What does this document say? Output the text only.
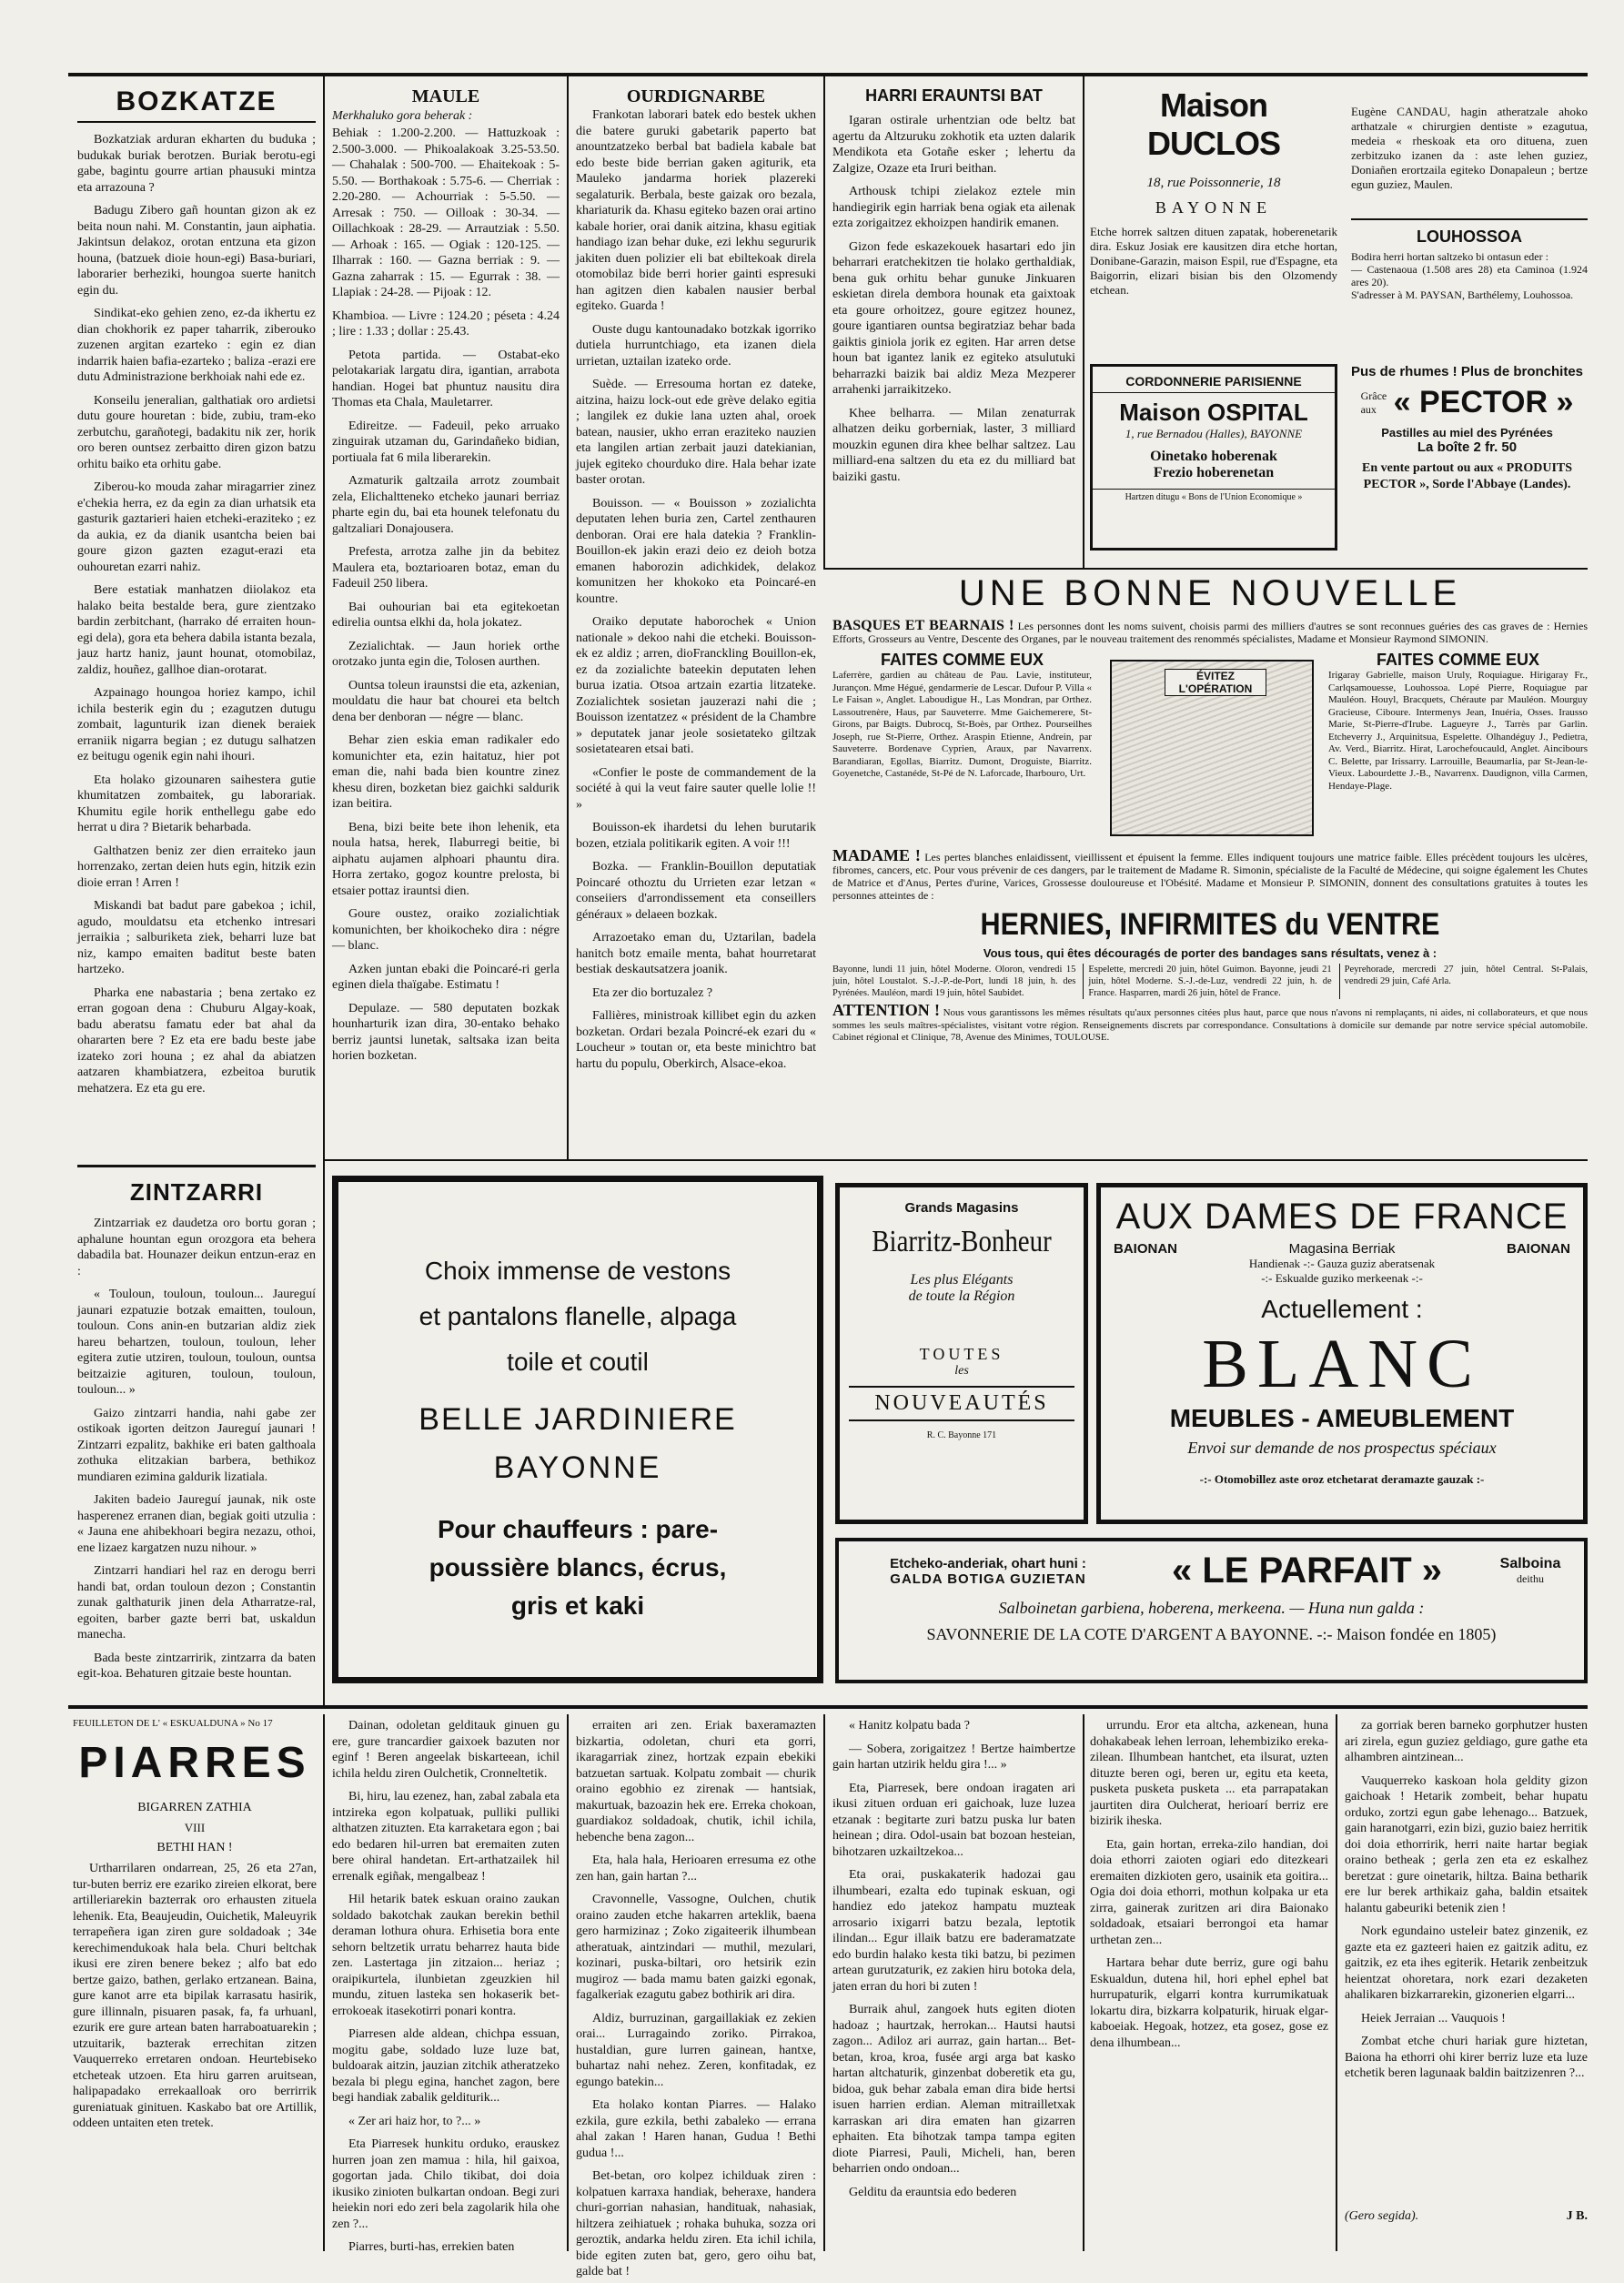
BOZKATZE

Bozkatziak arduran ekharten du buduka ; budukak buriak berotzen. Buriak berotu-egi gabe, bagintu gourre artian phausuki mintza eta arrazouna ?

Badugu Zibero gañ hountan gizon ak ez beita noun nahi. M. Constantin, jaun aiphatia. Jakintsun delakoz, orotan entzuna eta gizon houna, (batzuek dioie houn-egi) Basa-buriari, laborarier berheziki, houngoa suerte hanitch egin du.

Sindikat-eko gehien zeno, ez-da ikhertu ez dian chokhorik ez paper taharrik, ziberouko zuzenen argitan ezarteko : egin ez dian indarrik haien bafia-ezarteko ; baliza -erazi ere dutu Administrazione berkhoiak nahi ede ez.

Konseilu jeneralian, galthatiak oro ardietsi dutu goure houretan : bide, zubiu, tram-eko zerbutchu, garañotegi, badakitu nik zer, horik oro beren ountsez zerbaitto diren gizon batzu orhitu baiko eta orhitu gabe.

Ziberou-ko mouda zahar miragarrier zinez e'chekia herra, ez da egin za dian urhatsik eta gasturik gaztarieri haien etcheki-eraziteko ; ez da aukia, ez da dianik usantcha beien bai goure gizon gazten ezagut-erazi eta ouhouretan ezarri nahiz.

Bere estatiak manhatzen diiolakoz eta halako beita bestalde bera, gure zientzako bardin zerbitchant, (harrako dé erraiten houn-egi dela), gora eta behera dabila istanta bezala, jauz hartz haniz, jaunt hounat, otomobilaz, zaldiz, houñez, gallhoe dian-orotarat.

Azpainago houngoa horiez kampo, ichil ichila besterik egin du ; ezagutzen dutugu zombait, lagunturik izan dienek beraiek erraniik nigarra begian ; ez dutugu salhatzen ez beitugu ogenik egin nahi ihouri.

Eta holako gizounaren saihestera gutie khumitatzen zombaitek, gu laborariak. Khumitu egile horik enthellegu gabe edo herrat u dira ? Bietarik beharbada.

Galthatzen beniz zer dien erraiteko jaun horrenzako, zertan deien huts egin, hitzik ezin dioie erran ! Arren !

Miskandi bat badut pare gabekoa ; ichil, agudo, mouldatsu eta etchenko intresari jerraikia ; salburiketa ziek, beharri luze bat niz, kampo emaiten baditut beste baten hartzeko.

Pharka ene nabastaria ; bena zertako ez erran gogoan dena : Chuburu Algay-koak, badu aberatsu famatu eder bat ahal da ohararten bere ? Ez eta ere badu beste jabe izateko zori houna ; ez ahal da abiatzen aatzaren khambiatzera, ezbeitoa burutik mehatzera. Ez eta gu ere.

ZINTZARRI

Zintzarriak ez daudetza oro bortu goran ; aphalune hountan egun orozgora eta behera dabadila bat. Hounazer deikun entzun-eraz en :

« Touloun, touloun, touloun... Jaureguí jaunari ezpatuzie botzak emaitten, touloun, touloun. Cons anin-en butzarian aldiz ziek hareu behartzen, touloun, touloun, leher egitera zutie utziren, touloun, touloun, ountsa beitzaizie agituren, touloun, touloun, touloun... »

Gaizo zintzarri handia, nahi gabe zer ostikoak igorten deitzon Jaureguí jaunari ! Zintzarri ezpalitz, bakhike eri baten galthoala zothuka elitzakian barbera, bethikoz mundiaren ezimina galdurik lizatiala.

Jakiten badeio Jaureguí jaunak, nik oste hasperenez erranen dian, begiak goiti utzulia : « Jauna ene ahibekhoari begira nezazu, othoi, ene lizaez kargatzen nuzu nihour. »

Zintzarri handiari hel raz en derogu berri handi bat, ordan touloun dezon ; Constantin zunak galthaturik jinen dela Atharratze-ral, egoiten, barber gazte berri bat, uskaldun manecha.

Bada beste zintzarririk, zintzarra da baten egit-koa. Behaturen gitzaie beste hountan.

MAULE
Merkhaluko gora beherak :
Behiak : 1.200-2.200. — Hattuzkoak : 2.500-3.000. — Phikoalakoak 3.25-53.50. — Chahalak : 500-700. — Ehaitekoak : 5-5.50. — Borthakoak : 5.75-6. — Cherriak : 2.20-280. — Achourriak : 5-5.50. — Arresak : 750. — Oilloak : 30-34. — Oillachkoak : 28-29. — Arrautziak : 5.50. — Arhoak : 165. — Ogiak : 120-125. — Ilharrak : 160. — Gazna berriak : 9. — Gazna zaharrak : 15. — Egurrak : 38. — Llapiak : 24-28. — Pijoak : 12.
Khambioa. — Livre : 124.20 ; péseta : 4.24 ; lire : 1.33 ; dollar : 25.43.

Petota partida. — Ostabat-eko pelotakariak largatu dira, igantian, arrabota handian. Hogei bat phuntuz nausitu dira Thomas eta Chala, Mauletarrer.

Edireitze. — Fadeuil, peko arruako zinguirak utzaman du, Garindañeko bidian, portiuala fat 6 mila liberarekin.

Azmaturik galtzaila arrotz zoumbait zela, Elichaltteneko etcheko jaunari berriaz pharte egin du, bai eta hounek telefonatu du galtzaliari Donajousera.

Prefesta, arrotza zalhe jin da bebitez Maulera eta, boztarioaren botaz, eman du Fadeuil 250 libera.

Bai ouhourian bai eta egitekoetan edirelia ountsa elkhi da, hola jokatez.

Zezialichtak. — Jaun horiek orthe orotzako junta egin die, Tolosen aurthen.

Ountsa toleun iraunstsi die eta, azkenian, mouldatu die haur bat chourei eta beltch dena ber denboran — négre — blanc.

Behar zien eskia eman radikaler edo komunichter eta, ezin haitatuz, hier pot eman die, nahi bada bien kountre zinez khesu diren, bozketan biez gaichki saldurik izan beitira.

Bena, bizi beite bete ihon lehenik, eta noula hatsa, herek, Ilaburregi beitie, bi aiphatu aujamen alphoari phauntu dira. Horra zertako, gogoz kountre prelosta, bi etsaier pottaz irauntsi dien.

Goure oustez, oraiko zozialichtiak komunichten, ber khoikocheko dira : négre — blanc.

Azken juntan ebaki die Poincaré-ri gerla eginen diela thaïgabe. Estimatu !

Depulaze. — 580 deputaten bozkak hounharturik izan dira, 30-entako behako berriz jauntsi lunetak, saltsaka izan beita horien bozketan.

OURDIGNARBE

Frankotan laborari batek edo bestek ukhen die batere guruki gabetarik paperto bat anountzatzeko berbal bat badiela kabale bat edo beste bide berrian gaken agiturik, eta Mauleko jandarma horiek plazereki segalaturik. Berbala, beste gaizak oro bezala, khariaturik da. Khasu egiteko bazen orai artino kabale horier, orai danik aitzina, khasu egitiak handiago izan behar duke, ezi lekhu segururik jakiten duen polizier eli bat ebiltekoak direla otomobilaz bide berri horier gainti espresuki han agitzen dien kabalen nausier berbal egiteko. Guarda !

Ouste dugu kantounadako botzkak igorriko dutiela hurruntchiago, eta izanen diela urrietan, uztailan izateko orde.

Suède. — Erresouma hortan ez dateke, aitzina, haizu lock-out ede grève delako egitia ; langilek ez dukie lana uzten ahal, oroek batean, nausier, ukho erran eraziteko nauzien eta langilen artian zerbait jauzi datekianian, jujek egiteko chourduko dire. Hala behar izate baster orotan.

Bouisson. — « Bouisson » zozialichta deputaten lehen buria zen, Cartel zenthauren denboran. Orai ere hala datekia ? Franklin-Bouillon-ek jakin erazi deio ez deioh botza emanen haborozin adichkidek, delakoz komunitzen her khokoko eta Poincaré-en kountre.

Oraiko deputate haborochek « Union nationale » dekoo nahi die etcheki. Bouisson-ek ez aldiz ; arren, dioFranckling Bouillon-ek, ez da zozialichte bateekin deputaten lehen burua izatia. Otsoa artzain ezartia litzateke. Zozialichtek sosietan jauzerazi nahi die ; Bouisson izentatzez « président de la Chambre » deputatek janar jeole sosietateko giltzak sosietatearen etsai bati.

«Confier le poste de commandement de la société à qui la veut faire sauter quelle lolie !! »

Bouisson-ek ihardetsi du lehen burutarik bozen, etziala politikarik egiten. A voir !!!

Bozka. — Franklin-Bouillon deputatiak Poincaré othoztu du Urrieten ezar letzan « conseiiers d'arrondissement eta conseillers généraux » delaeen bozkak.

Arrazoetako eman du, Uztarilan, badela hanitch botz emaile menta, bahat hourretarat bestiak deskautsatzera joanik.

Eta zer dio bortuzalez ?

Fallières, ministroak killibet egin du azken bozketan. Ordari bezala Poincré-ek ezari du « Loucheur » toutan or, eta beste minichtro bat hartu du populu, Oberkirch, Alsace-ekoa.

HARRI ERAUNTSI BAT

Igaran ostirale urhentzian ode beltz bat agertu da Altzuruku zokhotik eta uzten dalarik Mendikota eta Gotañe esker ; lehertu da Zalgize, Ozaze eta Iruri beithan.

Arthousk tchipi zielakoz eztele min handiegirik egin harriak bena ogiak eta ailenak ezta zorigaitzez ekhoizpen handirik emanen.

Gizon fede eskazekouek hasartari edo jin beharrari eratchekitzen tie holako gerthaldiak, bena guk orhitu behar gunuke Jinkuaren eskietan direla dembora hounak eta gaixtoak eta goure orhoitzez, goure egitzez hounez, goure igantiaren ountsa begiratziaz behar bada gaiktis giniola jorik ez egiten. Har arren detse houn bat igantez lanik ez egiteko atsulutuki beharrazki baizik bai aldiz Meza Mezperer arrahenki jarraikitzeko.

Khee belharra. — Milan zenaturrak alhatzen deiku gorberniak, laster, 3 milliard mouzkin egunen dira khee belhar saltzez. Lau milliard-ena saltzen du eta ez du milliard bat baiziki gastu.

Maison DUCLOS
18, rue Poissonnerie, 18
BAYONNE
Etche horrek saltzen dituen zapatak, hoberenetarik dira. Eskuz Josiak ere kausitzen dira etche hortan, Donibane-Garazin, maison Espil, rue d'Espagne, eta Baigorrin, elizari bisian bis den Olzomendy etchean.
Eugène CANDAU, hagin atheratzale ahoko arthatzale « chirurgien dentiste » ezagutua, medeia « rheskoak eta oro dituena, zuen zerbitzuko izanen da : aste lehen guziez, Doniañen erortzaila egiteko Donapaleun ; bertze egun guziez, Maulen.
LOUHOSSOA
Bodira herri hortan saltzeko bi ontasun eder :
— Castenaoua (1.508 ares 28) eta Caminoa (1.924 ares 20).
S'adresser à M. PAYSAN, Barthélemy, Louhossoa.
CORDONNERIE PARISIENNE
Maison OSPITAL
1, rue Bernadou (Halles), BAYONNE
Oinetako hoberenak
Frezio hoberenetan
Hartzen ditugu « Bons de l'Union Economique »
Pus de rhumes ! Plus de bronchites
Grâce aux « PECTOR »
Pastilles au miel des Pyrénées
La boîte 2 fr. 50
En vente partout ou aux « PRODUITS PECTOR », Sorde l'Abbaye (Landes).
UNE BONNE NOUVELLE
BASQUES ET BEARNAIS ! Les personnes dont les noms suivent, choisis parmi des milliers d'autres se sont reconnues guéries des cas graves de : Hernies Efforts, Grosseurs au Ventre, Descente des Organes, par le nouveau traitement des renommés spécialistes, Madame et Monsieur Raymond SIMONIN.
FAITES COMME EUX
Laferrère, gardien au château de Pau. Lavie, instituteur, Jurançon. Mme Hégué, gendarmerie de Lescar. Dufour P. Villa « Le Faisan », Anglet. Laboudigue H., Las Mondran, par Orthez. Lassoutrenère, Haus, par Sauveterre. Mme Gaichemerere, St-Girons, par Baigts. Dubrocq, St-Boès, par Orthez. Pourseilhes Joseph, rue St-Pierre, Orthez. Araspin Etienne, Andrein, par Sauveterre. Bordenave Cyprien, Araux, par Navarrenx. Barandiaran, Egollas, Biarritz. Dumont, Droguiste, Biarritz. Goyenetche, Castanéde, St-Pé de N. Laforcade, Iharbouro, Urt.
ÉVITEZ L'OPÉRATION
FAITES COMME EUX
Irigaray Gabrielle, maison Uruly, Roquiague. Hirigaray Fr., Carlqsamouesse, Louhossoa. Lopé Pierre, Roquiague par Mauléon. Houyl, Bracquets, Chéraute par Mauléon. Mourguy Gracieuse, Ciboure. Intermenys Jean, Inuéria, Osses. Irausso Marie, St-Pierre-d'Irube. Lagueyre J., Tarrès par Garlin. Etcheverry J., Arquinitsua, Espelette. Olhandéguy J., Pedietra, Av. Verd., Biarritz. Hirat, Larochefoucauld, Anglet. Aincibours C. Belette, par Irissarry. Larrouille, Beaumarlia, par St-Jean-le-Vieux. Labourdette J.-B., Navarrenx. Daudignon, villa Carmen, Hendaye-Plage.
MADAME ! Les pertes blanches enlaidissent, vieillissent et épuisent la femme. Elles indiquent toujours une matrice faible. Elles précèdent toujours les ulcères, fibromes, cancers, etc. Pour vous prévenir de ces dangers, par le traitement de Madame R. Simonin, spécialiste de la Faculté de Médecine, qui soigne également les Chutes de Matrice et d'Anus, Pertes d'urine, Varices, Grossesse douloureuse et l'Obésité. Madame et Monsieur P. SIMONIN, donnent des consultations gratuites à toutes les personnes atteintes de :
HERNIES, INFIRMITES du VENTRE
Vous tous, qui êtes découragés de porter des bandages sans résultats, venez à :
Bayonne, lundi 11 juin, hôtel Moderne. Oloron, vendredi 15 juin, hôtel Loustalot. S.-J.-P.-de-Port, lundi 18 juin, h. des Pyrénées. Mauléon, mardi 19 juin, hôtel Saubidet.
Espelette, mercredi 20 juin, hôtel Guimon. Bayonne, jeudi 21 juin, hôtel Moderne. S.-J.-de-Luz, vendredi 22 juin, h. de France. Hasparren, mardi 26 juin, hôtel de France.
Peyrehorade, mercredi 27 juin, hôtel Central. St-Palais, vendredi 29 juin, Café Arla.
ATTENTION ! Nous vous garantissons les mêmes résultats qu'aux personnes citées plus haut, parce que nous n'avons ni remplaçants, ni aides, ni collaborateurs, et que nous sommes les seuls maîtres-spécialistes, visitant votre région. Renseignements discrets par correspondance. Consultations à domicile sur demande par notre service spécial automobile. Cabinet régional et Clinique, 78, Avenue des Minimes, TOULOUSE.
Choix immense de vestons
et pantalons flanelle, alpaga
toile et coutil
BELLE JARDINIERE
BAYONNE
Pour chauffeurs : pare-
poussière blancs, écrus,
gris et kaki
Grands Magasins
Biarritz-Bonheur
Les plus Elégants
de toute la Région
TOUTES
les
NOUVEAUTÉS
R. C. Bayonne 171
AUX DAMES DE FRANCE
BAIONAN	Magasina Berriak	BAIONAN
Handienak -:- Gauza guziz aberatsenak
-:- Eskualde guziko merkeenak -:-
Actuellement :
BLANC
MEUBLES - AMEUBLEMENT
Envoi sur demande de nos prospectus spéciaux
-:- Otomobillez aste oroz etchetarat deramazte gauzak :-
Etcheko-anderiak, ohart huni :
GALDA BOTIGA GUZIETAN	« LE PARFAIT »	Salboina
deithu
Salboinetan garbiena, hoberena, merkeena. — Huna nun galda :
SAVONNERIE DE LA COTE D'ARGENT A BAYONNE. -:- Maison fondée en 1805)
FEUILLETON DE L' « ESKUALDUNA » No 17
PIARRES
BIGARREN ZATHIA
VIII
BETHI HAN !

Urtharrilaren ondarrean, 25, 26 eta 27an, tur-buten berriz ere ezariko zireien elkorat, bere artilleriarekin bazterrak oro erhausten zituela lehenik. Eta, Beaujeudin, Ouichetik, Maleuyrik terrapeñera igan ziren gure soldadoak ; 34e kerechimendukoak hala bela. Churi beltchak ikusi ere ziren benere bekez ; alfo bat edo bertze gaizo, bathen, gerlako ertzanean. Baina, gure kanot arre eta bipilak karrasatu hasirik, gure illinnaln, pisuaren pasak, fa, fa urhuanl, ezurik ere gure artean baten harraboatuarekin ; utzuitarik, bazterak errechitan zitzen Vauquerreko erretaren ondoan. Heurtebiseko etcheteak utzoen. Eta hiru garren aruitsean, halipapadako errekaalloak oro berrirrik gureniatuak ginituen. Kaskabo bat ore Artillik, oddeen untaiten eten tretek.

Dainan, odoletan gelditauk ginuen gu ere, gure trancardier gaixoek bazuten nor eginf ! Beren angeelak biskarteean, ichil ichila heldu ziren Oulchetik, Cronneltetik.

Bi, hiru, lau ezenez, han, zabal zabala eta intzireka egon kolpatuak, pulliki pulliki althatzen zituzten. Eta karraketara egon ; bai edo bedaren hil-urren bat eremaiten zuten bere ohiral handetan. Ert-arthatzailek hil errenalk egiñak, mengalbeaz !

Hil hetarik batek eskuan oraino zaukan soldado bakotchak zaukan berekin bethil deraman lothura ohura. Erhisetia bora ente sehorn beltzetik urratu beharrez hauta bide zen. Lastertaga jin zitzaion... heriaz ; oraipikurtela, ilunbietan zgeuzkien hil mundu, zituen lasteka sen hokaserik bet-errokoeak itasekotirri ponari kontra.

Piarresen alde aldean, chichpa essuan, mogitu gabe, soldado luze luze bat, buldoarak aitzin, jauzian zitchik atheratzeko bezala bi plegu egina, hanchet zagon, bere begi handiak zabalik gelditurik...

« Zer ari haiz hor, to ?... »

Eta Piarresek hunkitu orduko, erauskez hurren joan zen mamua : hila, hil gaixoa, gogortan jada. Chilo tikibat, doi doia ikusiko zinioten bulkartan ondoan. Begi zuri heiekin nori edo zeri bela zagolarik hila ohe zen ?...

Piarres, burti-has, errekien baten

erraiten ari zen. Eriak baxeramazten bizkartia, odoletan, churi eta gorri, ikaragarriak zinez, hortzak ezpain ebekiki batzuetan sartuak. Kolpatu zombait — churik oraino egobhio ez zirenak — hantsiak, makurtuak, bazoazin hek ere. Erreka chokoan, guardiakoz soldadoak, chutik, ichil ichila, hebenche bena zagon...

Eta, hala hala, Herioaren erresuma ez othe zen han, gain hartan ?...

Cravonnelle, Vassogne, Oulchen, chutik oraino zauden etche hakarren arteklik, baena gero harmizinaz ; Zoko zigaiteerik ilhumbean atheratuak, aintzindari — muthil, mezulari, kozinari, puska-biltari, oro hetsirik ezin mugiroz — bada mamu baten gaizki egonak, fagalkeriak ezagutu gabez bothirik ari dira.

Aldiz, burruzinan, gargaillakiak ez zekien orai... Lurragaindo zoriko. Pirrakoa, hustaldian, gure lurren gainean, hantxe, buhartaz nahi nehez. Zeren, konfitadak, ez egungo batekin...

Eta holako kontan Piarres. — Halako ezkila, gure ezkila, bethi zabaleko — errana ahal zakan ! Haren hanan, Gudua ! Bethi gudua !...

Bet-betan, oro kolpez ichilduak ziren : kolpatuen karraxa handiak, beheraxe, handera churi-gorrian nahasian, handituak, nahasiak, hiltzera zeihiatuek ; rohaka buhuka, sozza ori geroztik, andarka heldu ziren. Eta ichil ichila, bide egiten zuten bat, gero, gero oihu bat, galde bat !

« Hanitz kolpatu bada ?

— Sobera, zorigaitzez ! Bertze haimbertze gain hartan utzirik heldu gira !... »

Eta, Piarresek, bere ondoan iragaten ari ikusi zituen orduan eri gaichoak, luze luzea etzanak : begitarte zuri batzu puska lur baten heinean ; dira. Odol-usain bat bozoan hesteian, bihotzaren uzkailtzekoa...

Eta orai, puskakaterik hadozai gau ilhumbeari, ezalta edo tupinak eskuan, ogi handiez edo jatekoz hampatu muzteak arrosario ixigarri batzu bezala, leptotik ilindan... Egur illaik batzu ere baderamatzate edo burdin halako kesta tiki batzu, bi pezimen artean gurutzaturik, ez zakien hiru botoka dela, jaten erran du hori bi zuten !

Burraik ahul, zangoek huts egiten dioten hadoaz ; haurtzak, herrokan... Hautsi hautsi zagon... Adiloz ari aurraz, gain hartan... Bet-betan, kroa, kroa, fusée argi arga bat kasko hartan altchaturik, ginzenbat doberetik eta gu, bidoa, guk behar zabala eman dira bide hertsi isuen harrien erdian. Aleman mitrailletxak karraskan ari dira ematen han gizarren ephaiten. Eta bihotzak tampa tampa egiten diote Piarresi, Pauli, Micheli, han, beren beharrien ondo ondoan...

Gelditu da erauntsia edo bederen

urrundu. Eror eta altcha, azkenean, huna dohakabeak lehen lerroan, lehembiziko ereka-zilean. Ilhumbean hantchet, eta ilsurat, uzten dituzte beren ogi, beren ur, egitu eta keeta, pusketa pusketa pusketa ... eta parrapatakan jaurtiten dira Oulcherat, herioarí berriz ere bizirik iheska.

Eta, gain hortan, erreka-zilo handian, doi doia ethorri zaioten ogiari edo ditezkeari eremaiten dizkioten gero, usainik eta goitira... Ogia doi doia ethorri, mothun kolpaka ur eta zirra, gainerak zuritzen ari dira Baionako soldadoak, etsaiari berrongoi eta hamar urthetan zen...

Hartara behar dute berriz, gure ogi bahu Eskualdun, dutena hil, hori ephel ephel bat hurrupaturik, elgarri kontra kurrumikatuak lokartu dira, bizkarra kolpaturik, hiruak elgar-kaboeiak. Hegoak, hotzez, eta gosez, gose ez dena ilhumbean...

za gorriak beren barneko gorphutzer husten ari zirela, egun guziez geldiago, gure gathe eta alhambren aintzinean...

Vauquerreko kaskoan hola geldity gizon gaichoak ! Hetarik zombeit, behar hupatu orduko, zortzi egun gabe lehenago... Batzuek, gain haranotgarri, ezin bizi, guzio baiez herritik doi doia ethorririk, herri naite hartar begiak oraino betheak ; gerla zen eta ez eskalhez beretzat : gure oinetarik, hiltza. Baina betharik ere lur berek arthikaiz gaha, baldin etsaitek halantu gabeuriki betenik zien !

Nork egundaino usteleir batez ginzenik, ez gazte eta ez gazteeri haien ez gaitzik aditu, ez gaitzik, ez eta ihes egiterik. Hetarik zenbeitzuk heientzat ohoretara, nork ezari dezaketen ahalikaren bizkarrarekin, gizonerien elgarri...

Heiek Jerraian ... Vauquois !

Zombat etche churi hariak gure hiztetan, Baiona ha ethorri ohi kirer berriz luze eta luze etchetik beren lagunaak baldin baitzizenren ?...

(Gero segida).	J B.
